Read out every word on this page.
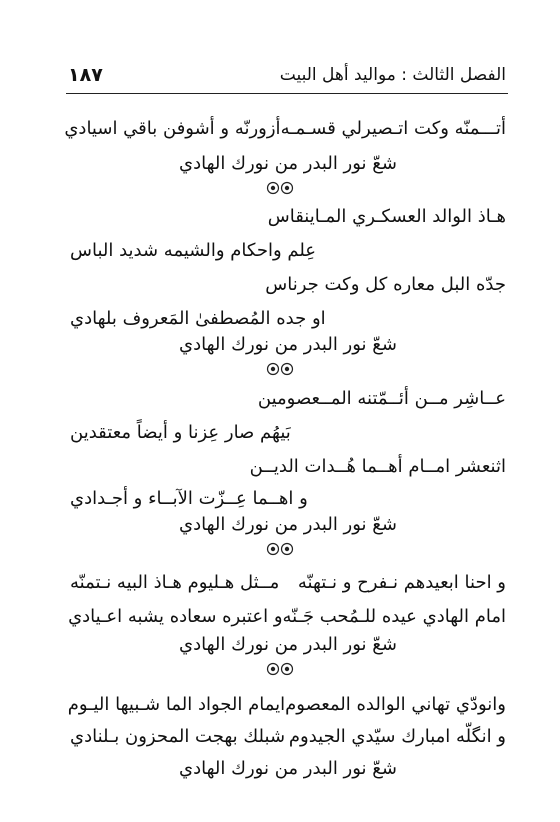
الفصل الثالث : مواليد أهل البيت
١٨٧
أتـــمنّه وكت اتـصيرلي قسـمـه
أزورنّه و أشوفن باقي اسيادي
شعّ نور البدر من نورك الهادي
هـاذ الوالد العسكـري المـاينقاس
عِلم واحكام والشيمه شديد الباس
جدّه البل معاره كل وكت جرناس
او جده المُصطفىٰ المَعروف بلهادي
شعّ نور البدر من نورك الهادي
عــاشِر مــن أئــمّتنه المــعصومين
بَيهُم صار عِزنا و أيضاً معتقدين
اثنعشر امــام أهــما هُــدات الديــن
و اهــما عِــزّت الآبــاء و أجـدادي
شعّ نور البدر من نورك الهادي
و احنا ابعيدهم نـفرح و نـتهنّه
مــثل هـليوم هـاذ البيه نـتمنّه
امام الهادي عيده للـمُحب جَـنّه
و اعتبره سعاده يشبه اعـيادي
شعّ نور البدر من نورك الهادي
وانودّي تهاني الوالده المعصوم
ايمام الجواد الما شـبيها اليـوم
و انگلّه امبارك سيّدي الجيدوم
شبلك بهجت المحزون بـلنادي
شعّ نور البدر من نورك الهادي
